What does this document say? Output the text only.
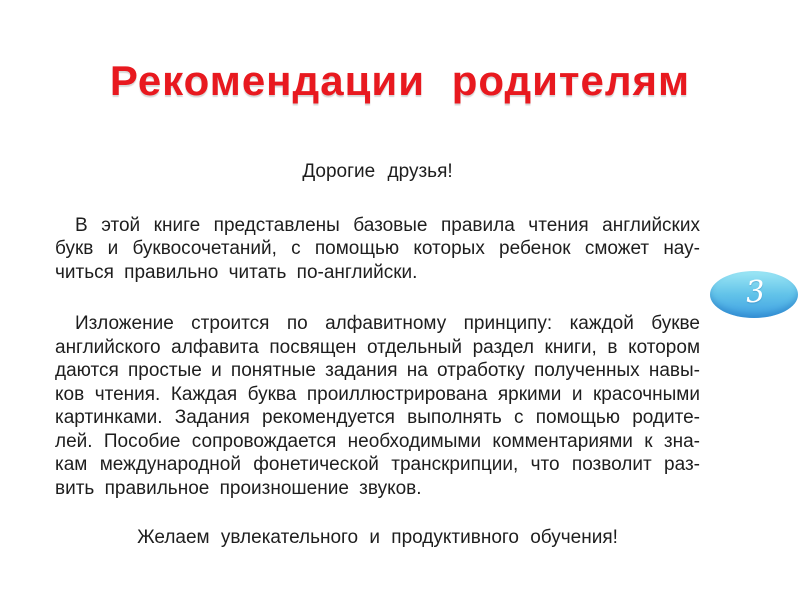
Рекомендации родителям

Дорогие друзья!

В этой книге представлены базовые правила чтения английских
букв и буквосочетаний, с помощью которых ребенок сможет нау-
читься правильно читать по-английски.
Изложение строится по алфавитному принципу: каждой букве
английского алфавита посвящен отдельный раздел книги, в котором
даются простые и понятные задания на отработку полученных навы-
ков чтения. Каждая буква проиллюстрирована яркими и красочными
картинками. Задания рекомендуется выполнять с помощью родите-
лей. Пособие сопровождается необходимыми комментариями к зна-
кам международной фонетической транскрипции, что позволит раз-
вить правильное произношение звуков.

Желаем увлекательного и продуктивного обучения!

3
